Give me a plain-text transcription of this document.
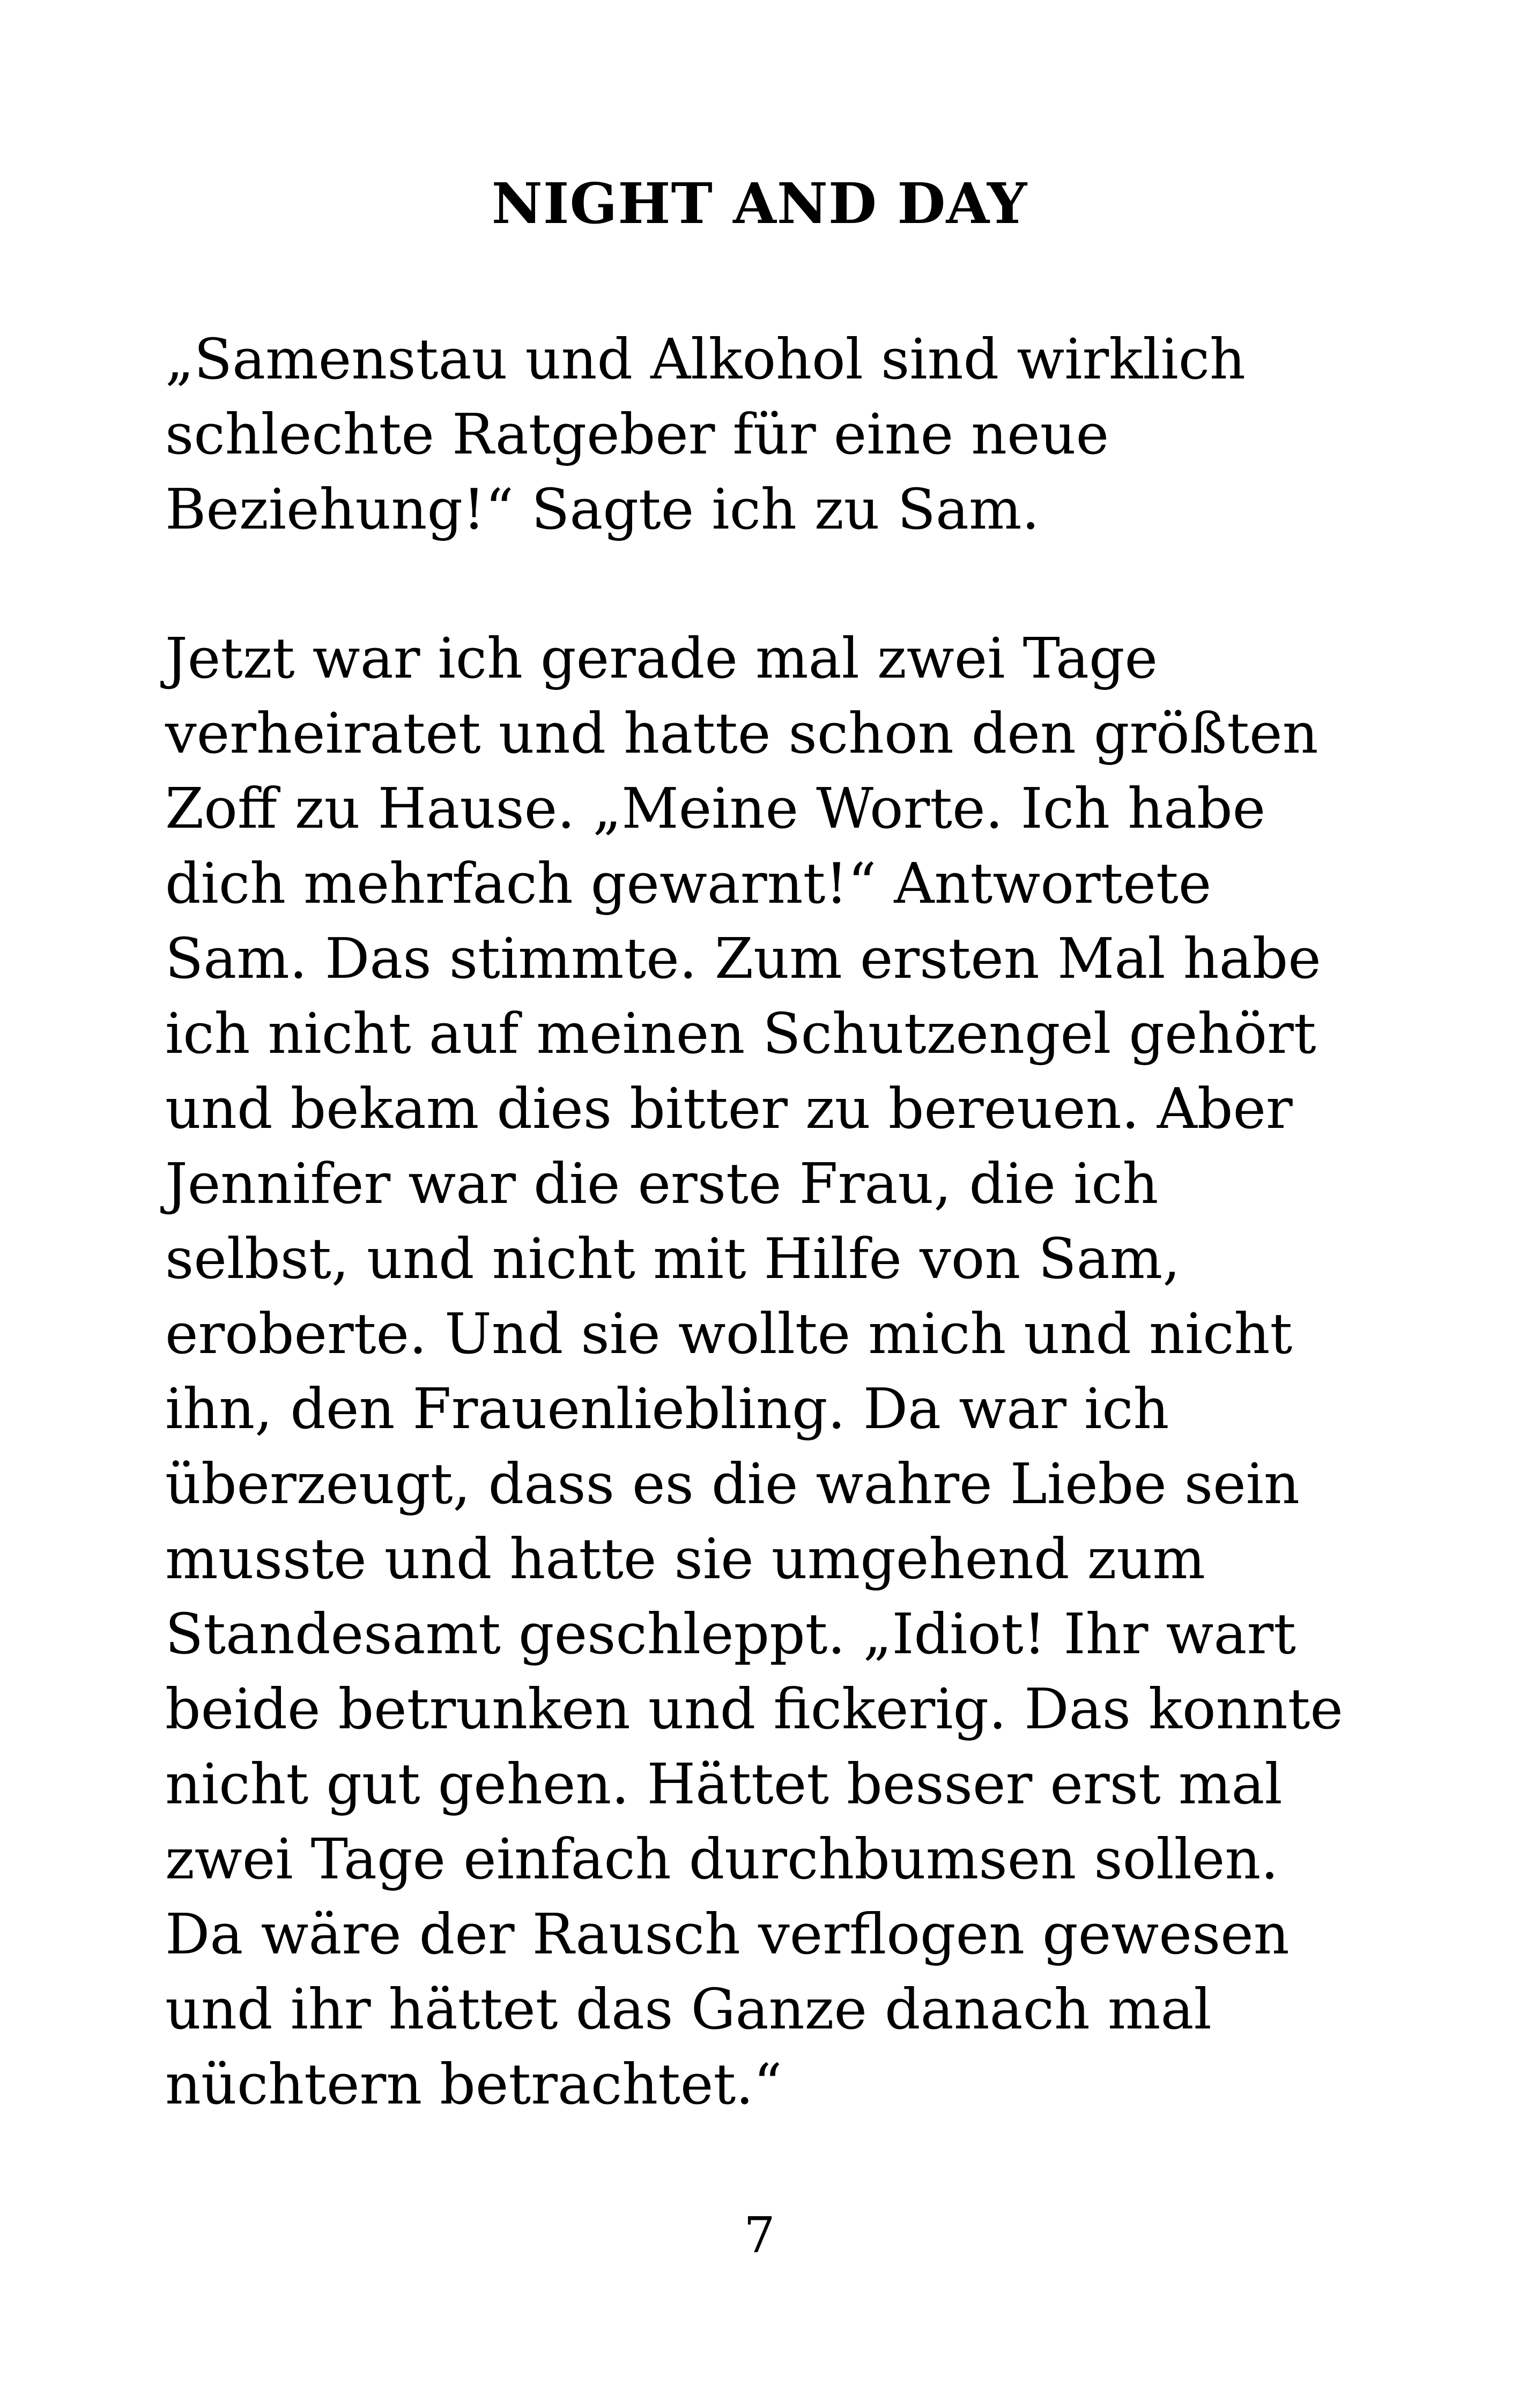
NIGHT AND DAY

„Samenstau und Alkohol sind wirklich

schlechte Ratgeber für eine neue

Beziehung!“ Sagte ich zu Sam.

Jetzt war ich gerade mal zwei Tage

verheiratet und hatte schon den größten

Zoff zu Hause. „Meine Worte. Ich habe

dich mehrfach gewarnt!“ Antwortete

Sam. Das stimmte. Zum ersten Mal habe

ich nicht auf meinen Schutzengel gehört

und bekam dies bitter zu bereuen. Aber

Jennifer war die erste Frau, die ich

selbst, und nicht mit Hilfe von Sam,

eroberte. Und sie wollte mich und nicht

ihn, den Frauenliebling. Da war ich

überzeugt, dass es die wahre Liebe sein

musste und hatte sie umgehend zum

Standesamt geschleppt. „Idiot! Ihr wart

beide betrunken und fickerig. Das konnte

nicht gut gehen. Hättet besser erst mal

zwei Tage einfach durchbumsen sollen.

Da wäre der Rausch verflogen gewesen

und ihr hättet das Ganze danach mal

nüchtern betrachtet.“

7
